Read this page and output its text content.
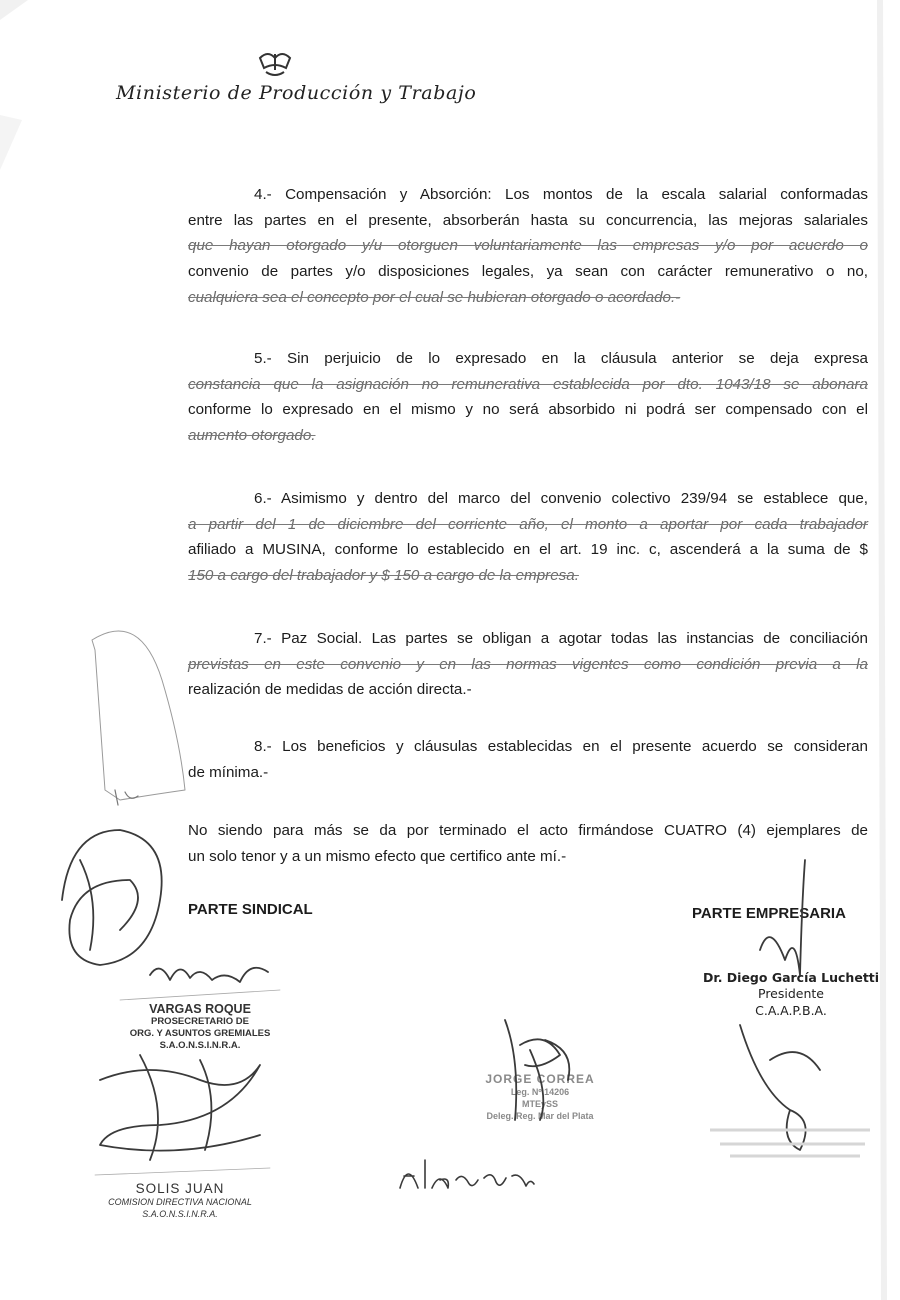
Ministerio de Producción y Trabajo
4.- Compensación y Absorción: Los montos de la escala salarial conformadas
entre las partes en el presente, absorberán hasta su concurrencia, las mejoras salariales
que hayan otorgado y/u otorguen voluntariamente las empresas y/o por acuerdo o
convenio de partes y/o disposiciones legales, ya sean con carácter remunerativo o no,
cualquiera sea el concepto por el cual se hubieran otorgado o acordado.-
5.- Sin perjuicio de lo expresado en la cláusula anterior se deja expresa
constancia que la asignación no remunerativa establecida por dto. 1043/18 se abonara
conforme lo expresado en el mismo y no será absorbido ni podrá ser compensado con el
aumento otorgado.
6.- Asimismo y dentro del marco del convenio colectivo 239/94 se establece que,
a partir del 1 de diciembre del corriente año, el monto a aportar por cada trabajador
afiliado a MUSINA, conforme lo establecido en el art. 19 inc. c, ascenderá a la suma de $
150 a cargo del trabajador y $ 150 a cargo de la empresa.
7.- Paz Social. Las partes se obligan a agotar todas las instancias de conciliación
previstas en este convenio y en las normas vigentes como condición previa a la
realización de medidas de acción directa.-
8.- Los beneficios y cláusulas establecidas en el presente acuerdo se consideran
de mínima.-
No siendo para más se da por terminado el acto firmándose CUATRO (4) ejemplares de
un solo tenor y a un mismo efecto que certifico ante mí.-
PARTE SINDICAL	PARTE EMPRESARIA
VARGAS ROQUE
PROSECRETARIO DE
ORG. Y ASUNTOS GREMIALES
S.A.O.N.S.I.N.R.A.
SOLIS JUAN
COMISION DIRECTIVA NACIONAL
S.A.O.N.S.I.N.R.A.
JORGE CORREA
Leg. Nº 14206
MTEySS
Deleg. Reg. Mar del Plata
Dr. Diego García Luchetti
Presidente
C.A.A.P.B.A.
